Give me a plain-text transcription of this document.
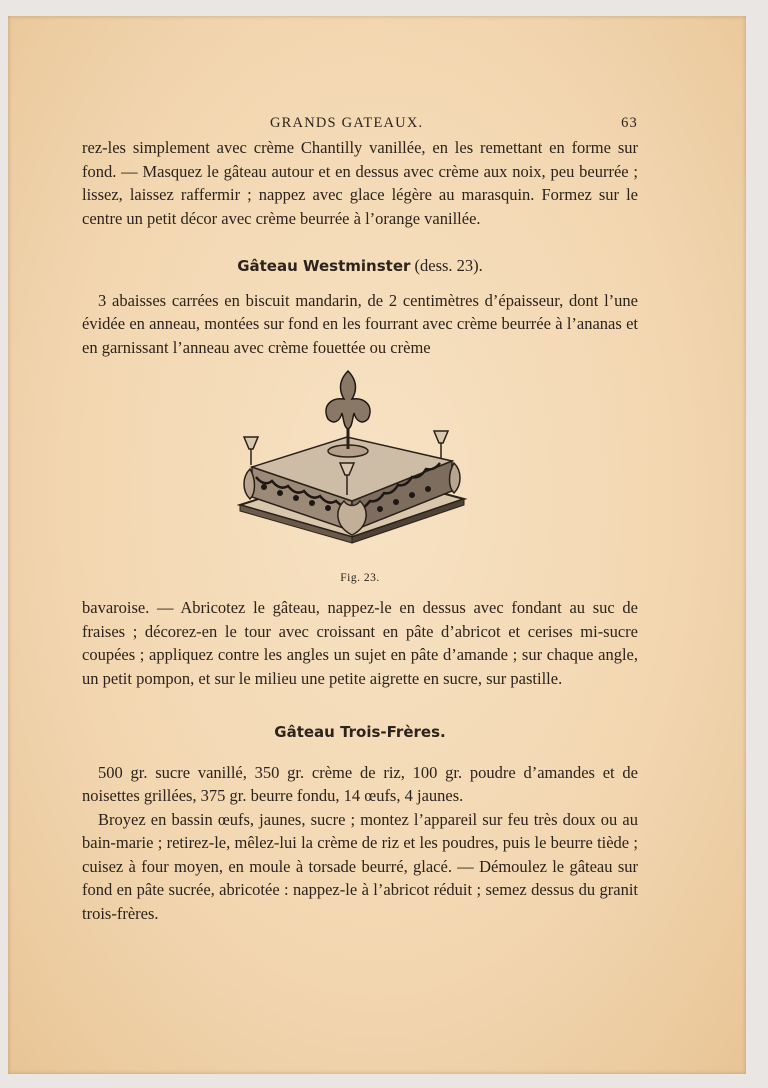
GRANDS GATEAUX.	63

rez-les simplement avec crème Chantilly vanillée, en les remettant en forme sur fond. — Masquez le gâteau autour et en dessus avec crème aux noix, peu beurrée ; lissez, laissez raffermir ; nappez avec glace légère au marasquin. Formez sur le centre un petit décor avec crème beurrée à l’orange vanillée.

Gâteau Westminster (dess. 23).

3 abaisses carrées en biscuit mandarin, de 2 centimètres d’épaisseur, dont l’une évidée en anneau, montées sur fond en les fourrant avec crème beurrée à l’ananas et en garnissant l’anneau avec crème fouettée ou crème

Fig. 23.

bavaroise. — Abricotez le gâteau, nappez-le en dessus avec fondant au suc de fraises ; décorez-en le tour avec croissant en pâte d’abricot et cerises mi-sucre coupées ; appliquez contre les angles un sujet en pâte d’amande ; sur chaque angle, un petit pompon, et sur le milieu une petite aigrette en sucre, sur pastille.

Gâteau Trois-Frères.

500 gr. sucre vanillé, 350 gr. crème de riz, 100 gr. poudre d’amandes et de noisettes grillées, 375 gr. beurre fondu, 14 œufs, 4 jaunes.

Broyez en bassin œufs, jaunes, sucre ; montez l’appareil sur feu très doux ou au bain-marie ; retirez-le, mêlez-lui la crème de riz et les poudres, puis le beurre tiède ; cuisez à four moyen, en moule à torsade beurré, glacé. — Démoulez le gâteau sur fond en pâte sucrée, abricotée : nappez-le à l’abricot réduit ; semez dessus du granit trois-frères.
